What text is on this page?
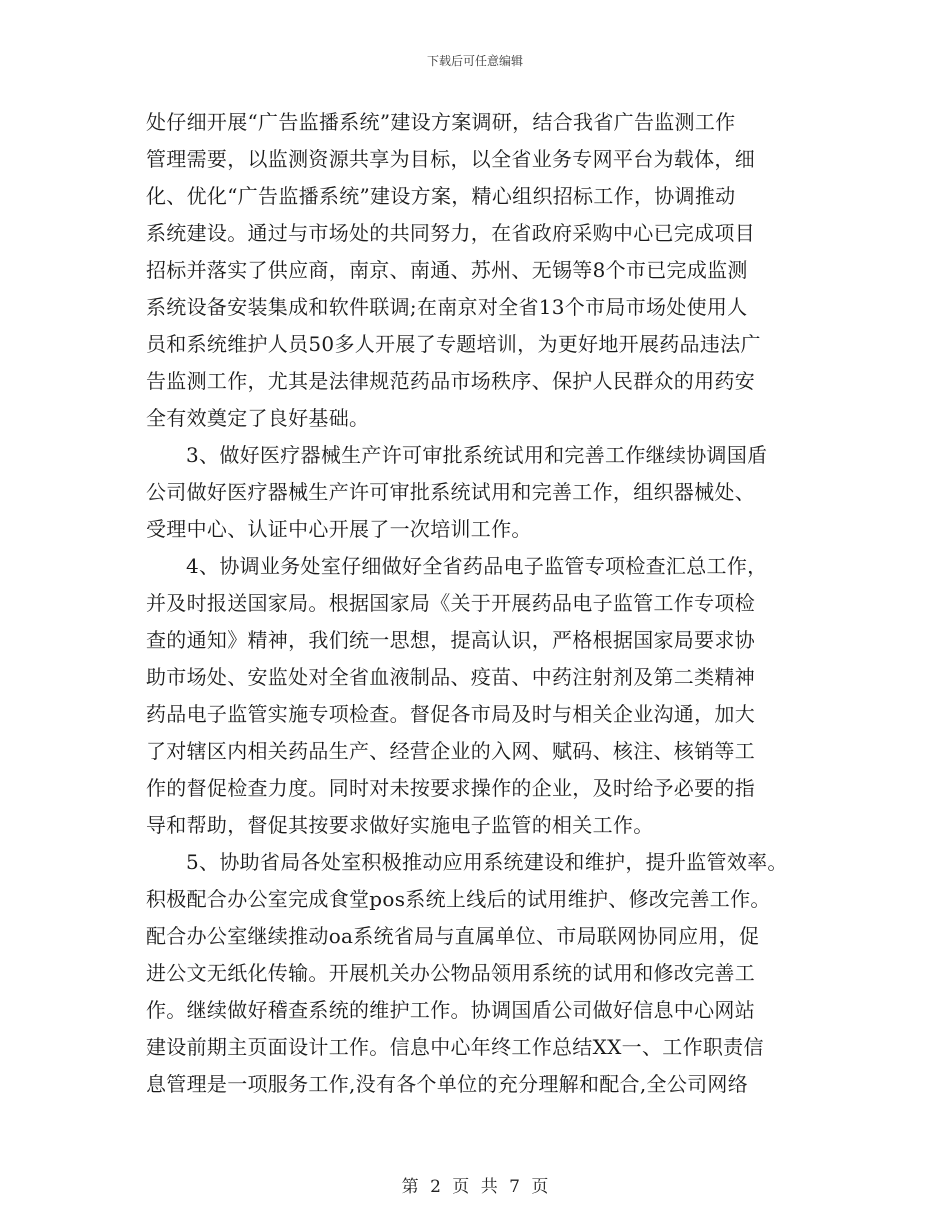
下载后可任意编辑
处仔细开展“广告监播系统”建设方案调研，结合我省广告监测工作
管理需要，以监测资源共享为目标，以全省业务专网平台为载体，细
化、优化“广告监播系统”建设方案，精心组织招标工作，协调推动
系统建设。通过与市场处的共同努力，在省政府采购中心已完成项目
招标并落实了供应商，南京、南通、苏州、无锡等8个市已完成监测
系统设备安装集成和软件联调;在南京对全省13个市局市场处使用人
员和系统维护人员50多人开展了专题培训，为更好地开展药品违法广
告监测工作，尤其是法律规范药品市场秩序、保护人民群众的用药安
全有效奠定了良好基础。
3、做好医疗器械生产许可审批系统试用和完善工作继续协调国盾
公司做好医疗器械生产许可审批系统试用和完善工作，组织器械处、
受理中心、认证中心开展了一次培训工作。
4、协调业务处室仔细做好全省药品电子监管专项检查汇总工作，
并及时报送国家局。根据国家局《关于开展药品电子监管工作专项检
查的通知》精神，我们统一思想，提高认识，严格根据国家局要求协
助市场处、安监处对全省血液制品、疫苗、中药注射剂及第二类精神
药品电子监管实施专项检查。督促各市局及时与相关企业沟通，加大
了对辖区内相关药品生产、经营企业的入网、赋码、核注、核销等工
作的督促检查力度。同时对未按要求操作的企业，及时给予必要的指
导和帮助，督促其按要求做好实施电子监管的相关工作。
5、协助省局各处室积极推动应用系统建设和维护，提升监管效率。
积极配合办公室完成食堂pos系统上线后的试用维护、修改完善工作。
配合办公室继续推动oa系统省局与直属单位、市局联网协同应用，促
进公文无纸化传输。开展机关办公物品领用系统的试用和修改完善工
作。继续做好稽查系统的维护工作。协调国盾公司做好信息中心网站
建设前期主页面设计工作。信息中心年终工作总结XX一、工作职责信
息管理是一项服务工作,没有各个单位的充分理解和配合,全公司网络
第 2 页 共 7 页
